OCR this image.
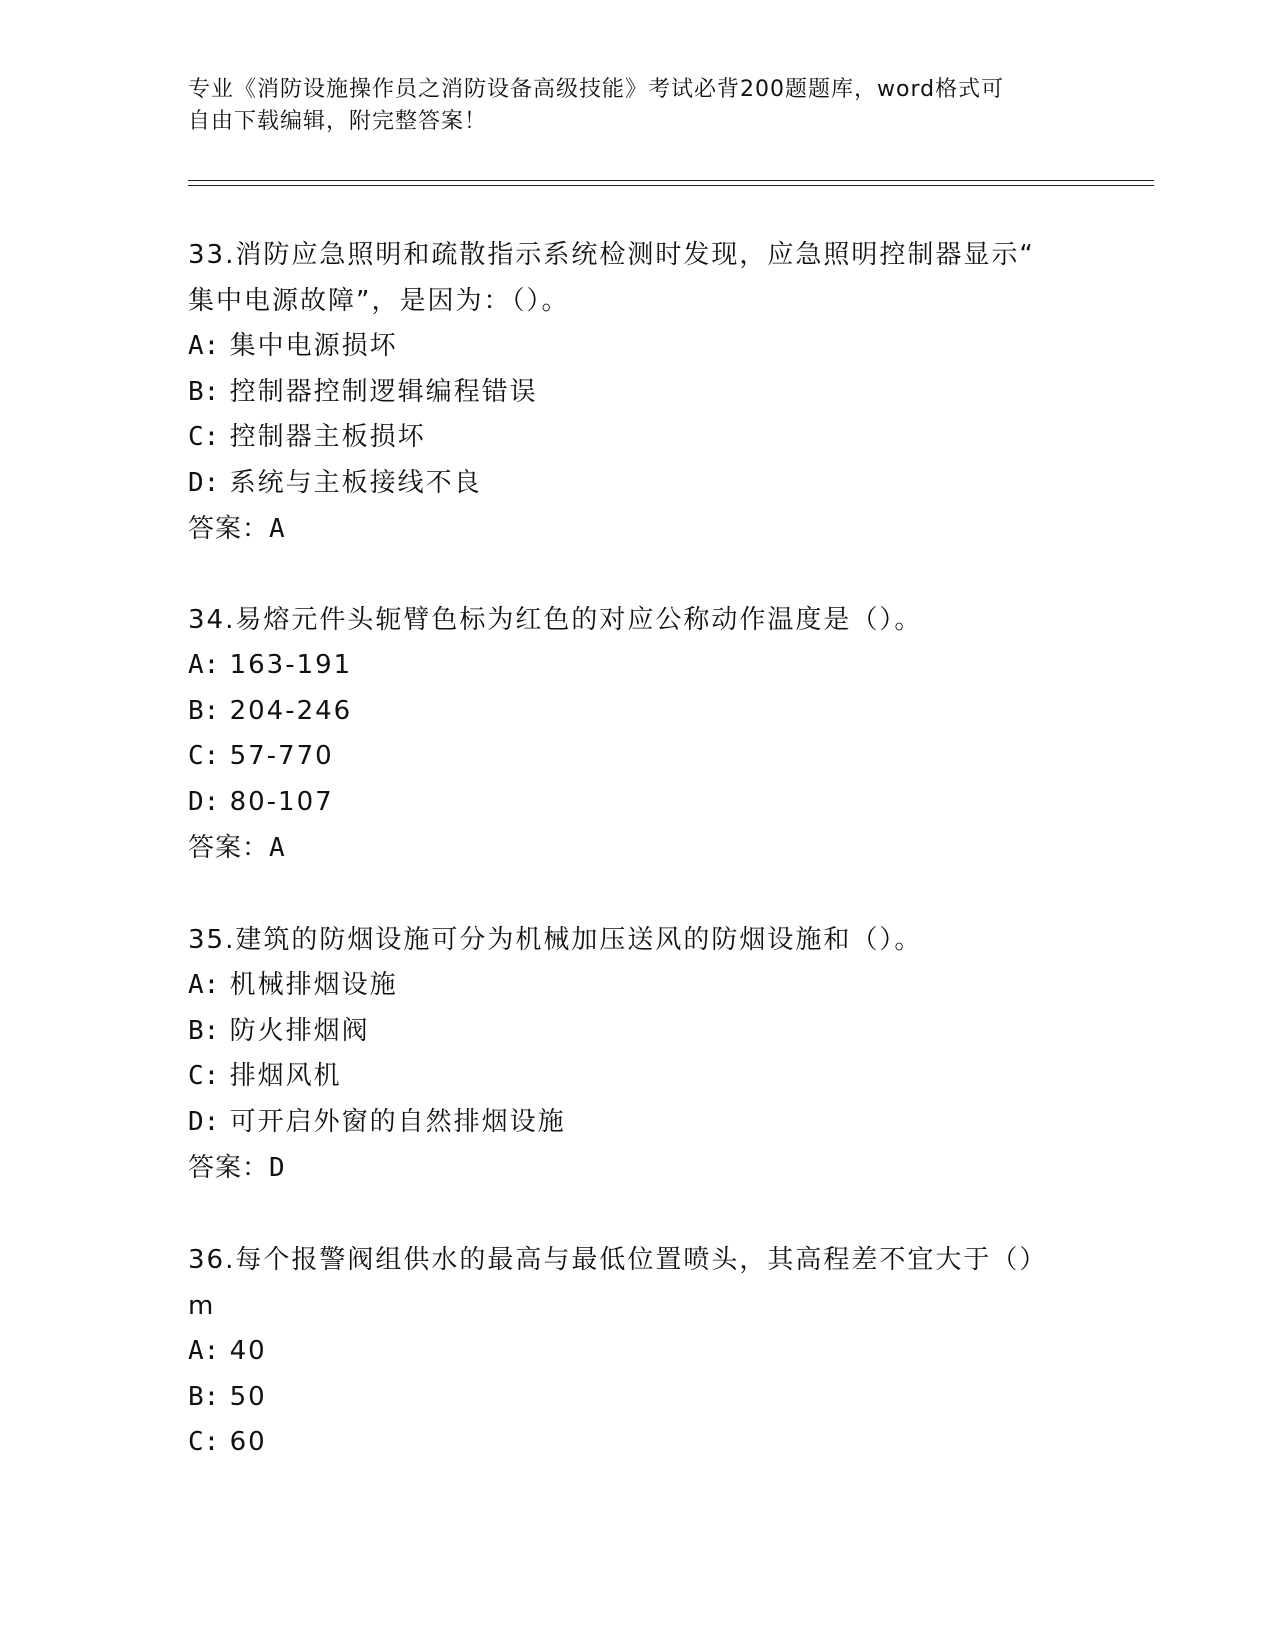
专业《消防设施操作员之消防设备高级技能》考试必背200题题库，word格式可
自由下载编辑，附完整答案！

33.消防应急照明和疏散指示系统检测时发现，应急照明控制器显示“

集中电源故障”，是因为：（）。

A: 集中电源损坏

B: 控制器控制逻辑编程错误

C: 控制器主板损坏

D: 系统与主板接线不良

答案：A

34.易熔元件头轭臂色标为红色的对应公称动作温度是（）。

A: 163-191

B: 204-246

C: 57-770

D: 80-107

答案：A

35.建筑的防烟设施可分为机械加压送风的防烟设施和（）。

A: 机械排烟设施

B: 防火排烟阀

C: 排烟风机

D: 可开启外窗的自然排烟设施

答案：D

36.每个报警阀组供水的最高与最低位置喷头，其高程差不宜大于（）

m

A: 40

B: 50

C: 60
